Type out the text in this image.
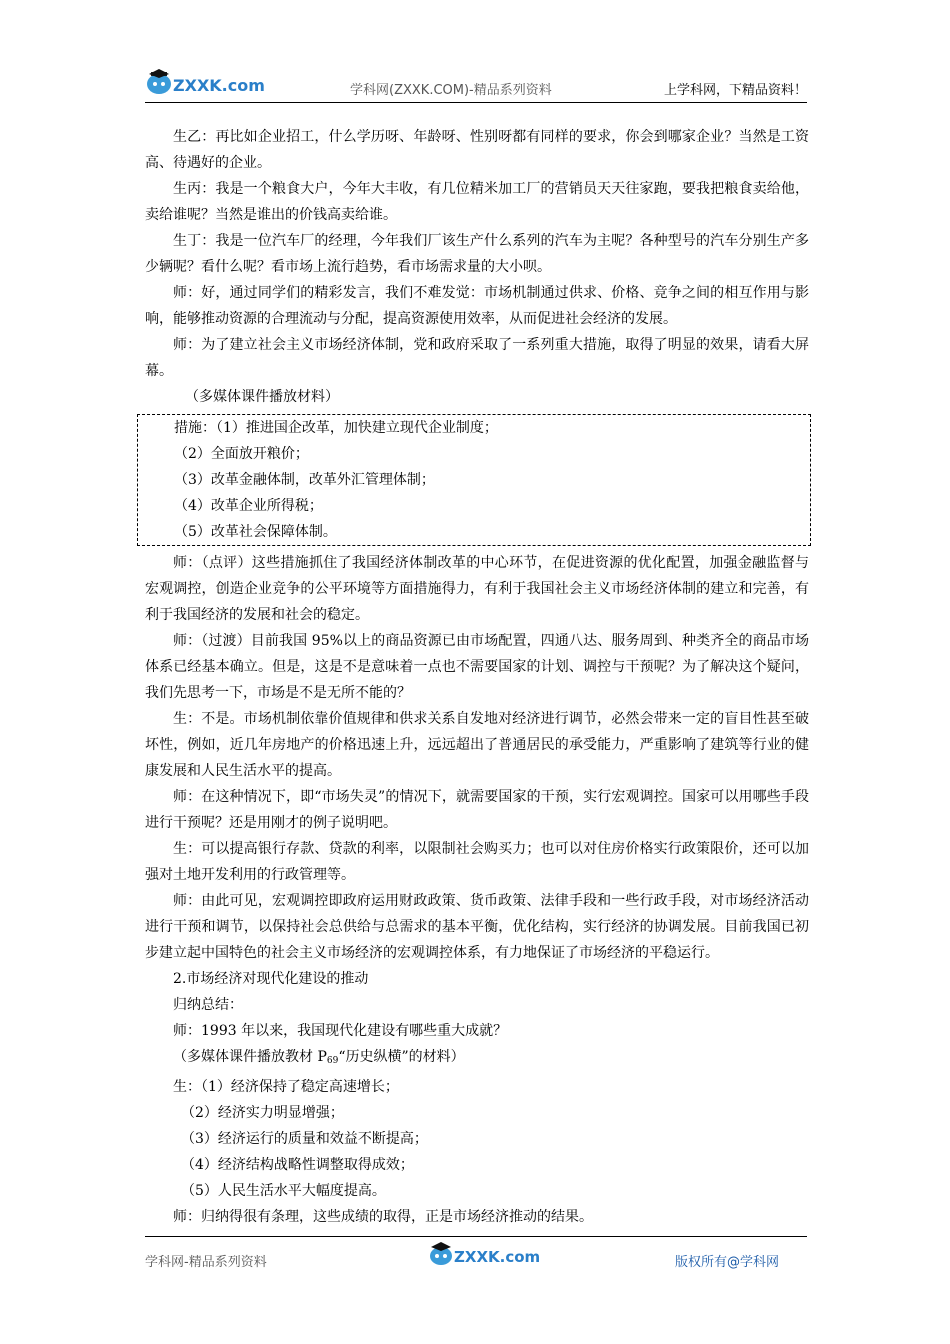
ZXXK.com	学科网(ZXXK.COM)-精品系列资料	上学科网，下精品资料！

生乙：再比如企业招工，什么学历呀、年龄呀、性别呀都有同样的要求，你会到哪家企业？当然是工资高、待遇好的企业。

生丙：我是一个粮食大户，今年大丰收，有几位精米加工厂的营销员天天往家跑，要我把粮食卖给他，卖给谁呢？当然是谁出的价钱高卖给谁。

生丁：我是一位汽车厂的经理，今年我们厂该生产什么系列的汽车为主呢？各种型号的汽车分别生产多少辆呢？看什么呢？看市场上流行趋势，看市场需求量的大小呗。

师：好，通过同学们的精彩发言，我们不难发觉：市场机制通过供求、价格、竞争之间的相互作用与影响，能够推动资源的合理流动与分配，提高资源使用效率，从而促进社会经济的发展。

师：为了建立社会主义市场经济体制，党和政府采取了一系列重大措施，取得了明显的效果，请看大屏幕。

（多媒体课件播放材料）

措施：（1）推进国企改革，加快建立现代企业制度；

（2）全面放开粮价；

（3）改革金融体制，改革外汇管理体制；

（4）改革企业所得税；

（5）改革社会保障体制。

师：（点评）这些措施抓住了我国经济体制改革的中心环节，在促进资源的优化配置，加强金融监督与宏观调控，创造企业竞争的公平环境等方面措施得力，有利于我国社会主义市场经济体制的建立和完善，有利于我国经济的发展和社会的稳定。

师：（过渡）目前我国 95%以上的商品资源已由市场配置，四通八达、服务周到、种类齐全的商品市场体系已经基本确立。但是，这是不是意味着一点也不需要国家的计划、调控与干预呢？为了解决这个疑问，我们先思考一下，市场是不是无所不能的？

生：不是。市场机制依靠价值规律和供求关系自发地对经济进行调节，必然会带来一定的盲目性甚至破坏性，例如，近几年房地产的价格迅速上升，远远超出了普通居民的承受能力，严重影响了建筑等行业的健康发展和人民生活水平的提高。

师：在这种情况下，即“市场失灵”的情况下，就需要国家的干预，实行宏观调控。国家可以用哪些手段进行干预呢？还是用刚才的例子说明吧。

生：可以提高银行存款、贷款的利率，以限制社会购买力；也可以对住房价格实行政策限价，还可以加强对土地开发利用的行政管理等。

师：由此可见，宏观调控即政府运用财政政策、货币政策、法律手段和一些行政手段，对市场经济活动进行干预和调节，以保持社会总供给与总需求的基本平衡，优化结构，实行经济的协调发展。目前我国已初步建立起中国特色的社会主义市场经济的宏观调控体系，有力地保证了市场经济的平稳运行。

2.市场经济对现代化建设的推动

归纳总结：

师：1993 年以来，我国现代化建设有哪些重大成就？

（多媒体课件播放教材 $P_{69}“$历史纵横”的材料）

生：（1）经济保持了稳定高速增长；

（2）经济实力明显增强；

（3）经济运行的质量和效益不断提高；

（4）经济结构战略性调整取得成效；

（5）人民生活水平大幅度提高。

师：归纳得很有条理，这些成绩的取得，正是市场经济推动的结果。

学科网-精品系列资料	ZXXK.com	版权所有@学科网
